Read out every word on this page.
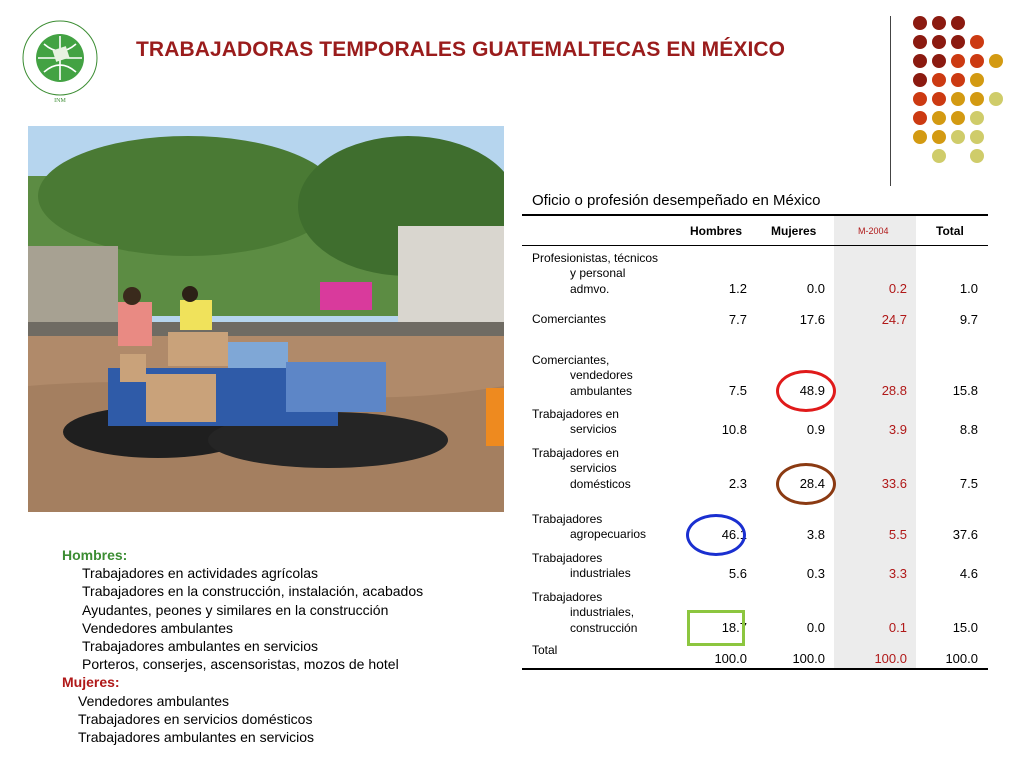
INM
TRABAJADORAS TEMPORALES GUATEMALTECAS EN MÉXICO
Hombres:
Trabajadores en actividades agrícolas
Trabajadores en la construcción, instalación, acabados
Ayudantes, peones y similares en la construcción
Vendedores ambulantes
Trabajadores ambulantes en servicios
Porteros, conserjes, ascensoristas, mozos de hotel
Mujeres:
Vendedores ambulantes
Trabajadores en servicios domésticos
Trabajadores ambulantes en servicios
Oficio o profesión desempeñado en México
Hombres Mujeres	M-2004	Total
Profesionistas, técnicos
y personal
admvo.	1.2	0.0	0.2	1.0
Comerciantes	7.7	17.6	24.7	9.7
Comerciantes,
vendedores
ambulantes	7.5	48.9	28.8	15.8
Trabajadores en
servicios	10.8	0.9	3.9	8.8
Trabajadores en
servicios
domésticos	2.3	28.4	33.6	7.5
Trabajadores
agropecuarios	46.1	3.8	5.5	37.6
Trabajadores
industriales	5.6	0.3	3.3	4.6
Trabajadores
industriales,
construcción	18.7	0.0	0.1	15.0
Total
100.0	100.0	100.0	100.0
